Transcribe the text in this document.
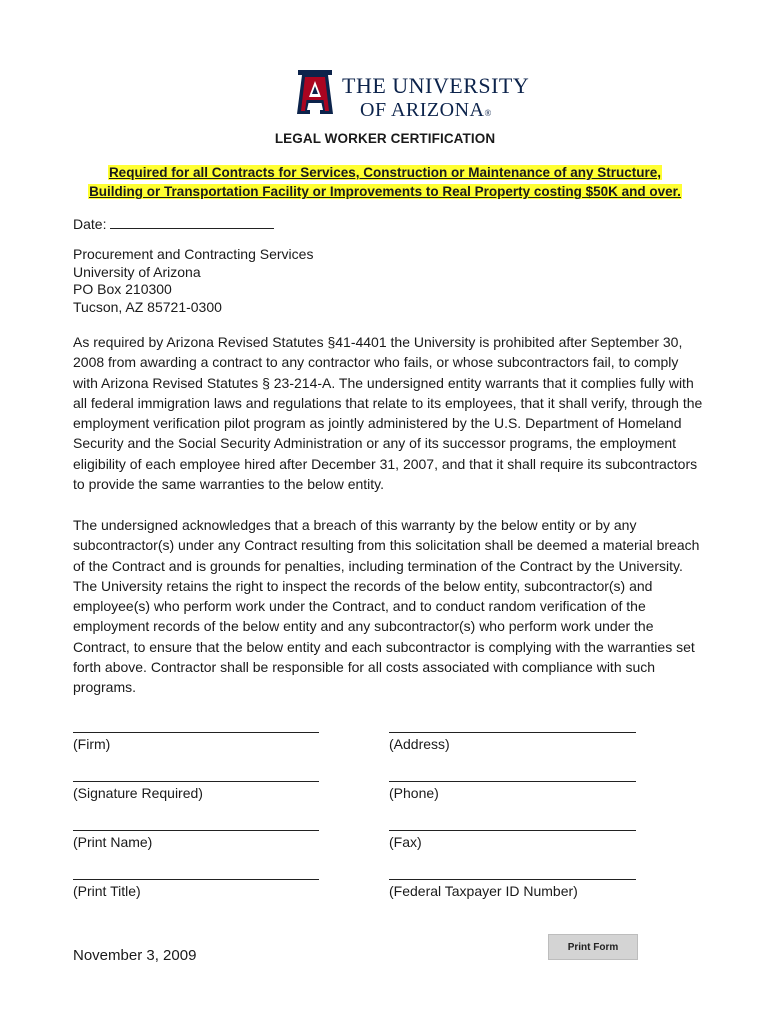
THE UNIVERSITY
OF ARIZONA®
LEGAL WORKER CERTIFICATION
Required for all Contracts for Services, Construction or Maintenance of any Structure,
Building or Transportation Facility or Improvements to Real Property costing $50K and over.
Date:
Procurement and Contracting Services
University of Arizona
PO Box 210300
Tucson, AZ 85721-0300

As required by Arizona Revised Statutes §41-4401 the University is prohibited after September 30, 2008 from awarding a contract to any contractor who fails, or whose subcontractors fail, to comply with Arizona Revised Statutes § 23-214-A. The undersigned entity warrants that it complies fully with all federal immigration laws and regulations that relate to its employees, that it shall verify, through the employment verification pilot program as jointly administered by the U.S. Department of Homeland Security and the Social Security Administration or any of its successor programs, the employment eligibility of each employee hired after December 31, 2007, and that it shall require its subcontractors to provide the same warranties to the below entity.

The undersigned acknowledges that a breach of this warranty by the below entity or by any subcontractor(s) under any Contract resulting from this solicitation shall be deemed a material breach of the Contract and is grounds for penalties, including termination of the Contract by the University. The University retains the right to inspect the records of the below entity, subcontractor(s) and employee(s) who perform work under the Contract, and to conduct random verification of the employment records of the below entity and any subcontractor(s) who perform work under the Contract, to ensure that the below entity and each subcontractor is complying with the warranties set forth above. Contractor shall be responsible for all costs associated with compliance with such programs.

(Firm)	(Address)
(Signature Required)	(Phone)
(Print Name)	(Fax)
(Print Title)	(Federal Taxpayer ID Number)
Print Form
November 3, 2009
